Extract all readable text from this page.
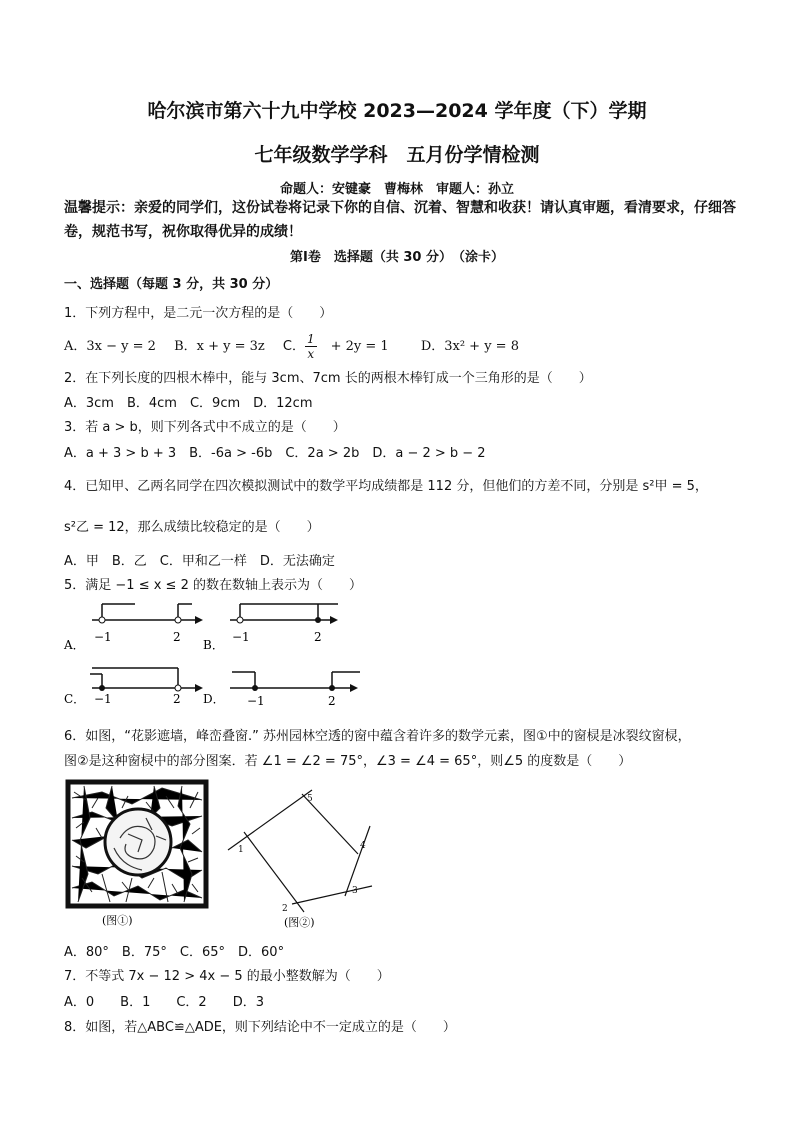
哈尔滨市第六十九中学校 2023—2024 学年度（下）学期
七年级数学学科　五月份学情检测
命题人：安键豪　曹梅林　审题人：孙立
温馨提示：亲爱的同学们，这份试卷将记录下你的自信、沉着、智慧和收获！请认真审题，看清要求，仔细答卷，规范书写，祝你取得优异的成绩！
第Ⅰ卷　选择题（共 30 分）　（涂卡）
一、选择题（每题 3 分，共 30 分）
1．下列方程中，是二元一次方程的是（　　）
A．3x − y = 2 B．x + y = 3z C． $\frac{1}{x} + 2y = 1$ D．3x² + y = 8
2．在下列长度的四根木棒中，能与 3cm、7cm 长的两根木棒钉成一个三角形的是（　　）
A．3cm　B．4cm　C．9cm　D．12cm
3．若 a > b，则下列各式中不成立的是（　　）
A．a + 3 > b + 3　B．-6a > -6b　C．2a > 2b　D．a − 2 > b − 2
4．已知甲、乙两名同学在四次模拟测试中的数学平均成绩都是 112 分，但他们的方差不同，分别是 s²甲 = 5，
s²乙 = 12，那么成绩比较稳定的是（　　）
A．甲　B．乙　C．甲和乙一样　D．无法确定
5．满足 −1 ≤ x ≤ 2 的数在数轴上表示为（　　）
A．
−1	2
B．
−1	2
C． −1	2 D． −1	2
6．如图，“花影遮墙，峰峦叠窗.” 苏州园林空透的窗中蕴含着许多的数学元素，图①中的窗棂是冰裂纹窗棂，
图②是这种窗棂中的部分图案．若 ∠1 = ∠2 = 75°，∠3 = ∠4 = 65°，则∠5 的度数是（　　）
(图①)
1
2
3
4
5
(图②)
A．80°　B．75°　C．65°　D．60°
7．不等式 7x − 12 > 4x − 5 的最小整数解为（　　）
A．0　　B．1　　C．2　　D．3
8．如图，若△ABC≌△ADE，则下列结论中不一定成立的是（　　）
